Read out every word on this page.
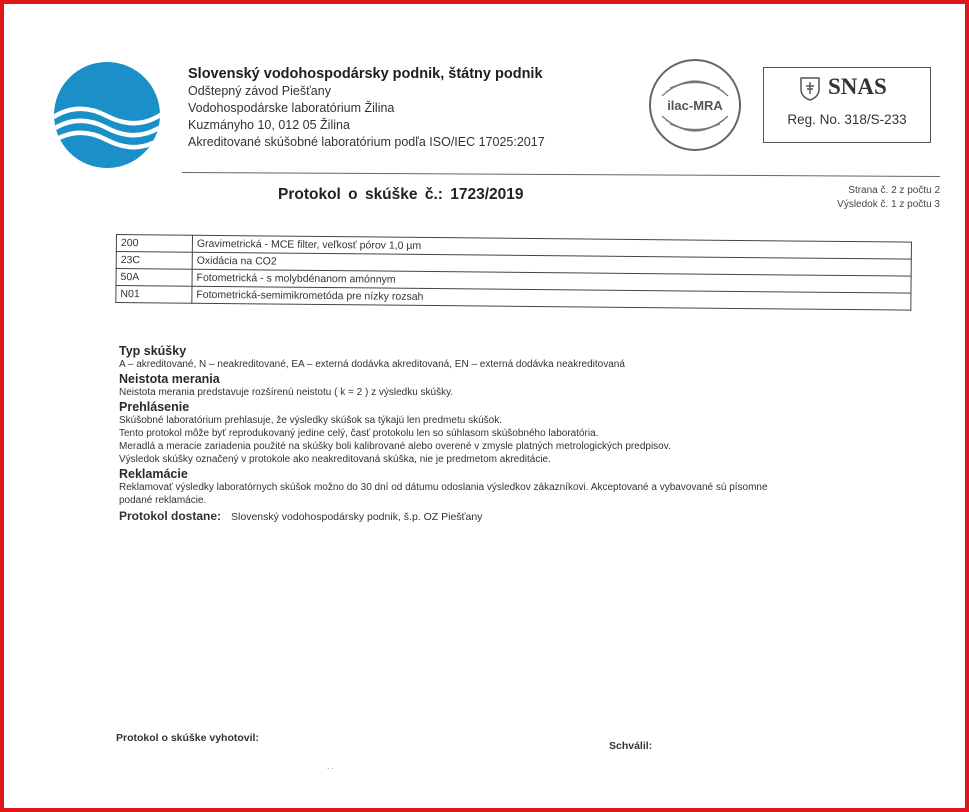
Slovenský vodohospodársky podnik, štátny podnik
Odštepný závod Piešťany
Vodohospodárske laboratórium Žilina
Kuzmányho 10, 012 05 Žilina
Akreditované skúšobné laboratórium podľa ISO/IEC 17025:2017
ilac-MRA
SNAS
Reg. No. 318/S-233
Protokol o skúške č.: 1723/2019	Strana č. 2 z počtu 2
Výsledok č. 1 z počtu 3
200	Gravimetrická - MCE filter, veľkosť pórov 1,0 µm
23C	Oxidácia na CO2
50A	Fotometrická - s molybdénanom amónnym
N01	Fotometrická-semimikrometóda pre nízky rozsah
Typ skúšky
A – akreditované, N – neakreditované, EA – externá dodávka akreditovaná, EN – externá dodávka neakreditovaná
Neistota merania
Neistota merania predstavuje rozšírenú neistotu ( k = 2 ) z výsledku skúšky.
Prehlásenie
Skúšobné laboratórium prehlasuje, že výsledky skúšok sa týkajú len predmetu skúšok.
Tento protokol môže byť reprodukovaný jedine celý, časť protokolu len so súhlasom skúšobného laboratória.
Meradlá a meracie zariadenia použité na skúšky boli kalibrované alebo overené v zmysle platných metrologických predpisov.
Výsledok skúšky označený v protokole ako neakreditovaná skúška, nie je predmetom akreditácie.
Reklamácie
Reklamovať výsledky laboratórnych skúšok možno do 30 dní od dátumu odoslania výsledkov zákazníkovi. Akceptované a vybavované sú písomne
podané reklamácie.
Protokol dostane: Slovenský vodohospodársky podnik, š.p. OZ Piešťany
Protokol o skúške vyhotovil:
Schválil:
. .
